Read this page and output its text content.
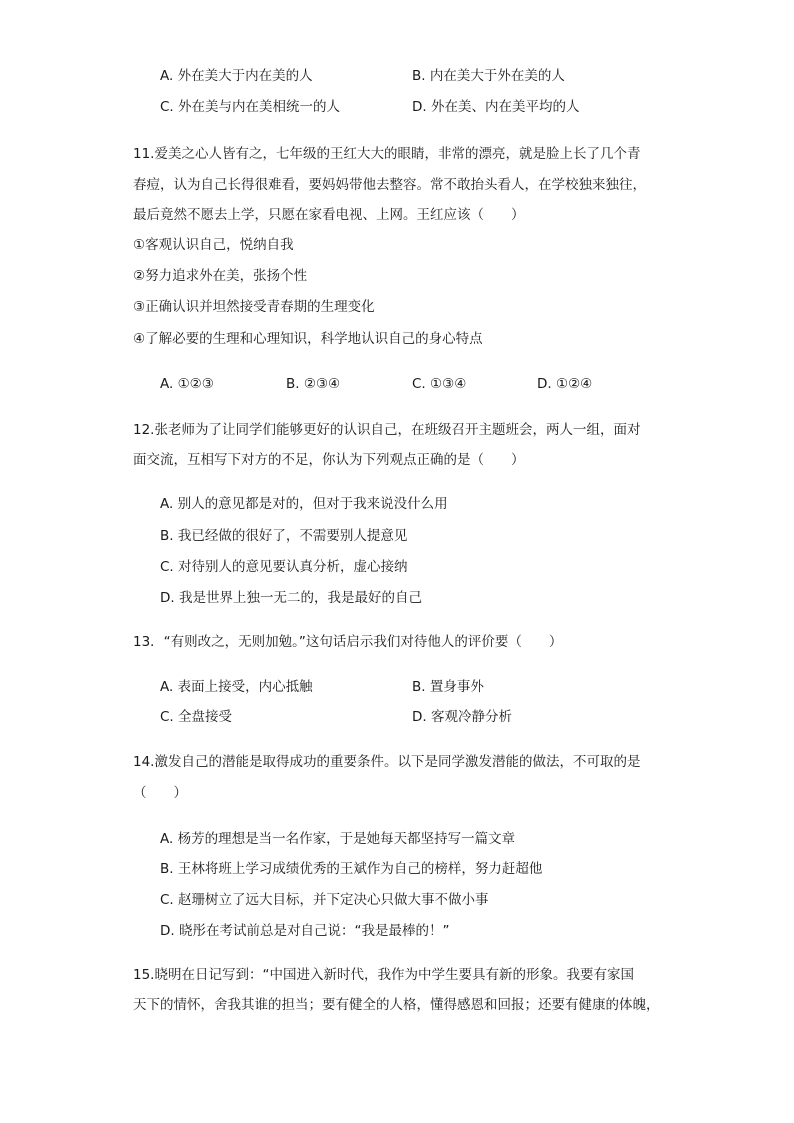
A. 外在美大于内在美的人	B. 内在美大于外在美的人
C. 外在美与内在美相统一的人	D. 外在美、内在美平均的人
11.爱美之心人皆有之，七年级的王红大大的眼睛，非常的漂亮，就是脸上长了几个青
春痘，认为自己长得很难看，要妈妈带他去整容。常不敢抬头看人，在学校独来独往，
最后竟然不愿去上学，只愿在家看电视、上网。王红应该（　　）
①客观认识自己，悦纳自我
②努力追求外在美，张扬个性
③正确认识并坦然接受青春期的生理变化
④了解必要的生理和心理知识，科学地认识自己的身心特点
A. ①②③	B. ②③④	C. ①③④	D. ①②④
12.张老师为了让同学们能够更好的认识自己，在班级召开主题班会，两人一组，面对
面交流，互相写下对方的不足，你认为下列观点正确的是（　　）
A. 别人的意见都是对的，但对于我来说没什么用
B. 我已经做的很好了，不需要别人提意见
C. 对待别人的意见要认真分析，虚心接纳
D. 我是世界上独一无二的，我是最好的自己
13．“有则改之，无则加勉。”这句话启示我们对待他人的评价要（　　）
A. 表面上接受，内心抵触	B. 置身事外
C. 全盘接受	D. 客观冷静分析
14.激发自己的潜能是取得成功的重要条件。以下是同学激发潜能的做法，不可取的是
（　　）
A. 杨芳的理想是当一名作家，于是她每天都坚持写一篇文章
B. 王林将班上学习成绩优秀的王斌作为自己的榜样，努力赶超他
C. 赵珊树立了远大目标，并下定决心只做大事不做小事
D. 晓彤在考试前总是对自己说：“我是最棒的！”
15.晓明在日记写到：“中国进入新时代，我作为中学生要具有新的形象。我要有家国
天下的情怀，舍我其谁的担当；要有健全的人格，懂得感恩和回报；还要有健康的体魄，
